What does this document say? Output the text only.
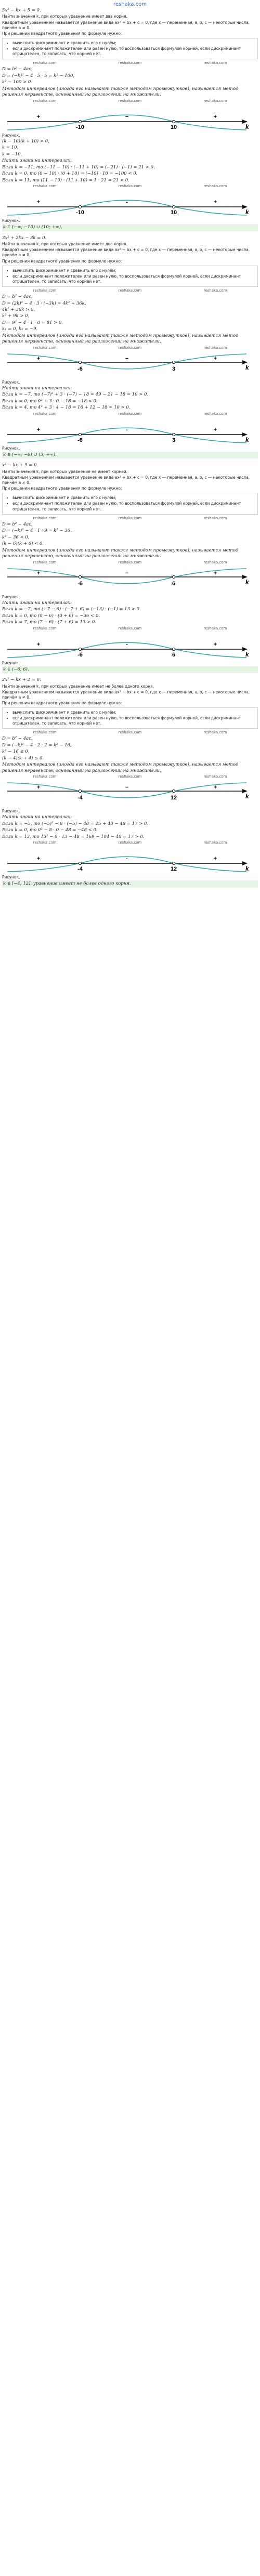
reshaka.com
5x² − kx + 5 = 0.
Найти значения k, при которых уравнение имеет два корня.
Квадратным уравнением называется уравнение вида ax² + bx + c = 0, где x — переменная, a, b, c — некоторые числа, причём a ≠ 0.
При решении квадратного уравнения по формуле нужно:
• вычислить дискриминант и сравнить его с нулём;
• если дискриминант положителен или равен нулю, то воспользоваться формулой корней, если дискриминант отрицателен, то записать, что корней нет.
reshaka.com	reshaka.com	reshaka.com
D = b² − 4ac,
D = (−k)² − 4 · 5 · 5 = k² − 100,
k² − 100 > 0.
Методом интервалов (иногда его называют также методом промежутков), называется метод решения неравенств, основанный на разложении на множители.
reshaka.com	reshaka.com	reshaka.com
-10	10
+	−	+
k
Рисунок.
(k − 10)(k + 10) > 0,
k = 10,
k = −10.
Найти знаки на интервалах:
Если k = −11, то (−11 − 10) · (−11 + 10) = (−21) · (−1) = 21 > 0.
Если k = 0, то (0 − 10) · (0 + 10) = (−10) · 10 = −100 < 0.
Если k = 11, то (11 − 10) · (11 + 10) = 1 · 21 = 21 > 0.
reshaka.com	reshaka.com	reshaka.com
-10	10
+	-	+
k
Рисунок.
k ∈ (−∞; −10) ∪ (10; +∞).
3x² + 2kx − 3k = 0.
Найти значения k, при которых уравнение имеет два корня.
Квадратным уравнением называется уравнение вида ax² + bx + c = 0, где x — переменная, a, b, c — некоторые числа, причём a ≠ 0.
При решении квадратного уравнения по формуле нужно:
• вычислить дискриминант и сравнить его с нулём;
• если дискриминант положителен или равен нулю, то воспользоваться формулой корней, если дискриминант отрицателен, то записать, что корней нет.
reshaka.com	reshaka.com	reshaka.com
D = b² − 4ac,
D = (2k)² − 4 · 3 · (−3k) = 4k² + 36k,
4k² + 36k > 0,
k² + 9k > 0,
D = 9² − 4 · 1 · 0 = 81 > 0,
k₁ = 0, k₂ = −9.
Методом интервалов (иногда его называют также методом промежутков), называется метод решения неравенств, основанный на разложении на множители.
reshaka.com	reshaka.com	reshaka.com
-6	3
+	−	+
k
Рисунок.
Найти знаки на интервалах:
Если k = −7, то (−7)² + 3 · (−7) − 18 = 49 − 21 − 18 = 10 > 0.
Если k = 0, то 0² + 3 · 0 − 18 = −18 < 0.
Если k = 4, то 4² + 3 · 4 − 18 = 16 + 12 − 18 = 10 > 0.
reshaka.com	reshaka.com	reshaka.com
-6	3
+	-	+
k
Рисунок.
k ∈ (−∞; −6) ∪ (3; +∞).
x² − kx + 9 = 0.
Найти значения k, при которых уравнение не имеет корней.
Квадратным уравнением называется уравнение вида ax² + bx + c = 0, где x — переменная, a, b, c — некоторые числа, причём a ≠ 0.
При решении квадратного уравнения по формуле нужно:
• вычислить дискриминант и сравнить его с нулём;
• если дискриминант положителен или равен нулю, то воспользоваться формулой корней, если дискриминант отрицателен, то записать, что корней нет.
reshaka.com	reshaka.com	reshaka.com
D = b² − 4ac,
D = (−k)² − 4 · 1 · 9 = k² − 36,
k² − 36 < 0,
(k − 6)(k + 6) < 0.
Методом интервалов (иногда его называют также методом промежутков), называется метод решения неравенств, основанный на разложении на множители.
reshaka.com	reshaka.com	reshaka.com
-6	6
+	−	+
k
Рисунок.
Найти знаки на интервалах:
Если k = −7, то (−7 − 6) · (−7 + 6) = (−13) · (−1) = 13 > 0.
Если k = 0, то (0 − 6) · (0 + 6) = −36 < 0.
Если k = 7, то (7 − 6) · (7 + 6) = 13 > 0.
reshaka.com	reshaka.com	reshaka.com
-6	6
+	-	+
k
Рисунок.
k ∈ (−6; 6).
2x² − kx + 2 = 0.
Найти значения k, при которых уравнение имеет не более одного корня.
Квадратным уравнением называется уравнение вида ax² + bx + c = 0, где x — переменная, a, b, c — некоторые числа, причём a ≠ 0.
При решении квадратного уравнения по формуле нужно:
• вычислить дискриминант и сравнить его с нулём;
• если дискриминант положителен или равен нулю, то воспользоваться формулой корней, если дискриминант отрицателен, то записать, что корней нет.
reshaka.com	reshaka.com	reshaka.com
D = b² − 4ac,
D = (−k)² − 4 · 2 · 2 = k² − 16,
k² − 16 ≤ 0,
(k − 4)(k + 4) ≤ 0.
Методом интервалов (иногда его называют также методом промежутков), называется метод решения неравенств, основанный на разложении на множители.
reshaka.com	reshaka.com	reshaka.com
-4	12
+	−	+
k
Рисунок.
Найти знаки на интервалах:
Если k = −5, то (−5)² − 8 · (−5) − 48 = 25 + 40 − 48 = 17 > 0.
Если k = 0, то 0² − 8 · 0 − 48 = −48 < 0.
Если k = 13, то 13² − 8 · 13 − 48 = 169 − 104 − 48 = 17 > 0.
reshaka.com	reshaka.com	reshaka.com
-4	12
+	-	+
k
Рисунок.
k ∈ [−4; 12], уравнение имеет не более одного корня.
